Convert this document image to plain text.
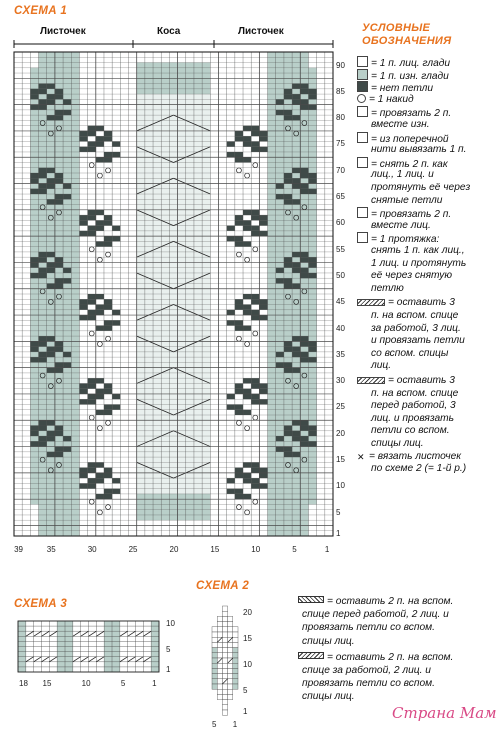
СХЕМА 1
Листочек	Коса	Листочек
90
85
80
75
70
65
60
55
50
45
40
35
30
25
20
15
10
5
1
39	35	30	25	20	15	10	5	1
УСЛОВНЫЕ
ОБОЗНАЧЕНИЯ
= 1 п. лиц. глади
= 1 п. изн. глади
= нет петли
= 1 накид
= провязать 2 п.
вместе изн.
= из поперечной
нити вывязать 1 п.
= снять 2 п. как
лиц., 1 лиц. и
протянуть её через
снятые петли
= провязать 2 п.
вместе лиц.
= 1 протяжка:
снять 1 п. как лиц.,
1 лиц. и протянуть
её через снятую
петлю
= оставить 3
п. на вспом. спице
за работой, 3 лиц.
и провязать петли
со вспом. спицы
лиц.
= оставить 3
п. на вспом. спице
перед работой, 3
лиц. и провязать
петли со вспом.
спицы лиц.
✕ = вязать листочек
по схеме 2 (= 1-й р.)
= оставить 2 п. на вспом.
спице перед работой, 2 лиц. и
провязать петли со вспом.
спицы лиц.
= оставить 2 п. на вспом.
спице за работой, 2 лиц. и
провязать петли со вспом.
спицы лиц.
СХЕМА 2
20
15
10
5
1
5 1
СХЕМА 3
10
5
1
18 15	10	5	1
Страна Мам
